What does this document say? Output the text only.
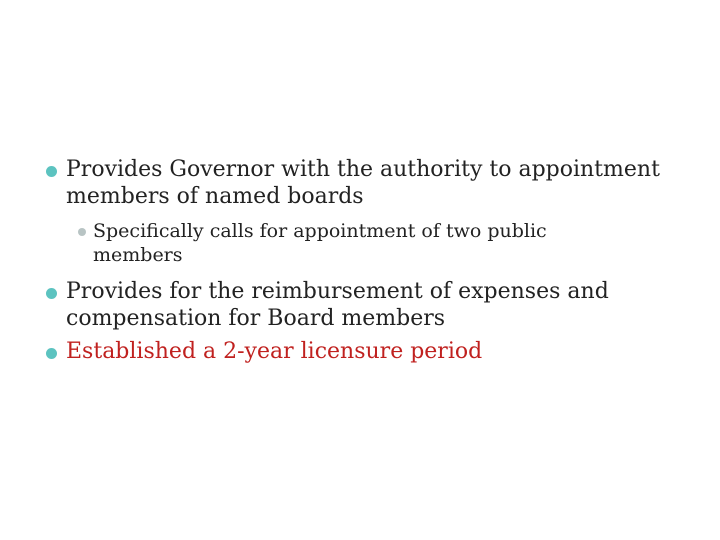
Provides Governor with the authority to appointment members of named boards
Specifically calls for appointment of two public members
Provides for the reimbursement of expenses and compensation for Board members
Established a 2-year licensure period
